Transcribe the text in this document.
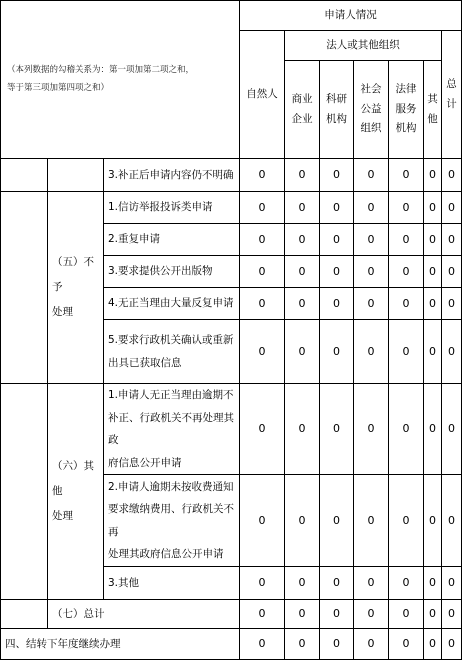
（本列数据的勾稽关系为：第一项加第二项之和，
等于第三项加第四项之和）			申请人情况						
			自然人	法人或其他组织					总
计
				商业
企业	科研
机构	社会
公益
组织	法律
服务
机构	其
他	
		3.补正后申请内容仍不明确	0	0	0	0	0	0	0
	（五）不予
处理	1.信访举报投诉类申请	0	0	0	0	0	0	0
		2.重复申请	0	0	0	0	0	0	0
		3.要求提供公开出版物	0	0	0	0	0	0	0
		4.无正当理由大量反复申请	0	0	0	0	0	0	0
		5.要求行政机关确认或重新
出具已获取信息	0	0	0	0	0	0	0
	（六）其他
处理	1.申请人无正当理由逾期不
补正、行政机关不再处理其政
府信息公开申请	0	0	0	0	0	0	0
		2.申请人逾期未按收费通知
要求缴纳费用、行政机关不再
处理其政府信息公开申请	0	0	0	0	0	0	0
		3.其他	0	0	0	0	0	0	0
	（七）总计		0	0	0	0	0	0	0
四、结转下年度继续办理			0	0	0	0	0	0	0
